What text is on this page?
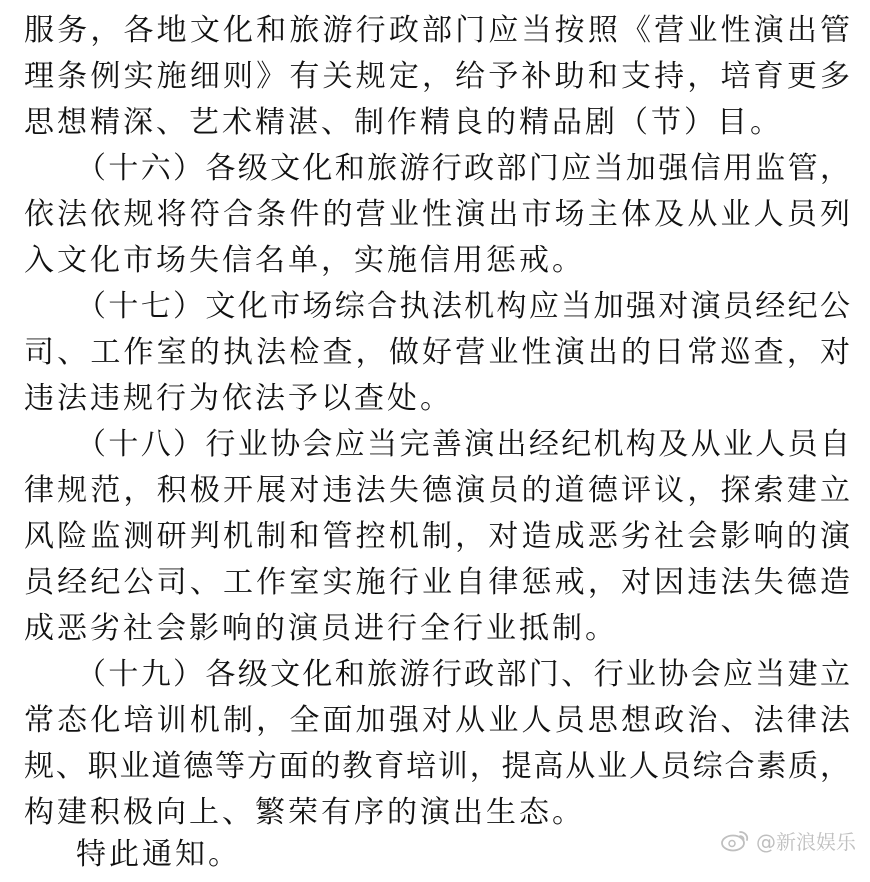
服务，各地文化和旅游行政部门应当按照《营业性演出管
理条例实施细则》有关规定，给予补助和支持，培育更多
思想精深、艺术精湛、制作精良的精品剧（节）目。
（十六）各级文化和旅游行政部门应当加强信用监管，
依法依规将符合条件的营业性演出市场主体及从业人员列
入文化市场失信名单，实施信用惩戒。
（十七）文化市场综合执法机构应当加强对演员经纪公
司、工作室的执法检查，做好营业性演出的日常巡查，对
违法违规行为依法予以查处。
（十八）行业协会应当完善演出经纪机构及从业人员自
律规范，积极开展对违法失德演员的道德评议，探索建立
风险监测研判机制和管控机制，对造成恶劣社会影响的演
员经纪公司、工作室实施行业自律惩戒，对因违法失德造
成恶劣社会影响的演员进行全行业抵制。
（十九）各级文化和旅游行政部门、行业协会应当建立
常态化培训机制，全面加强对从业人员思想政治、法律法
规、职业道德等方面的教育培训，提高从业人员综合素质，
构建积极向上、繁荣有序的演出生态。
特此通知。	@新浪娱乐
